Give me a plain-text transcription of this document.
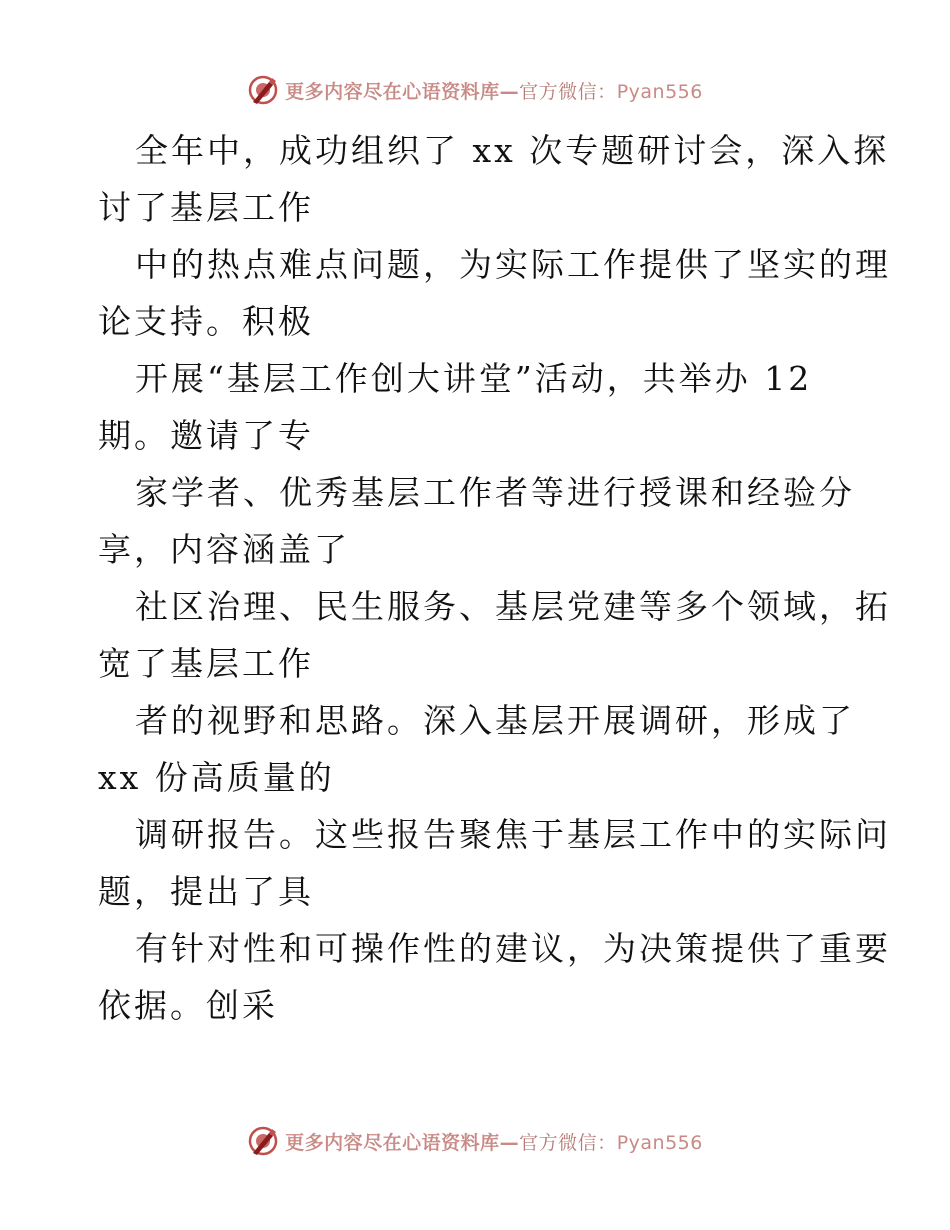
更多内容尽在心语资料库—官方微信：Pyan556
全年中，成功组织了 xx 次专题研讨会，深入探
讨了基层工作
中的热点难点问题，为实际工作提供了坚实的理
论支持。积极
开展“基层工作创大讲堂”活动，共举办 12
期。邀请了专
家学者、优秀基层工作者等进行授课和经验分
享，内容涵盖了
社区治理、民生服务、基层党建等多个领域，拓
宽了基层工作
者的视野和思路。深入基层开展调研，形成了
xx 份高质量的
调研报告。这些报告聚焦于基层工作中的实际问
题，提出了具
有针对性和可操作性的建议，为决策提供了重要
依据。创采
更多内容尽在心语资料库—官方微信：Pyan556
